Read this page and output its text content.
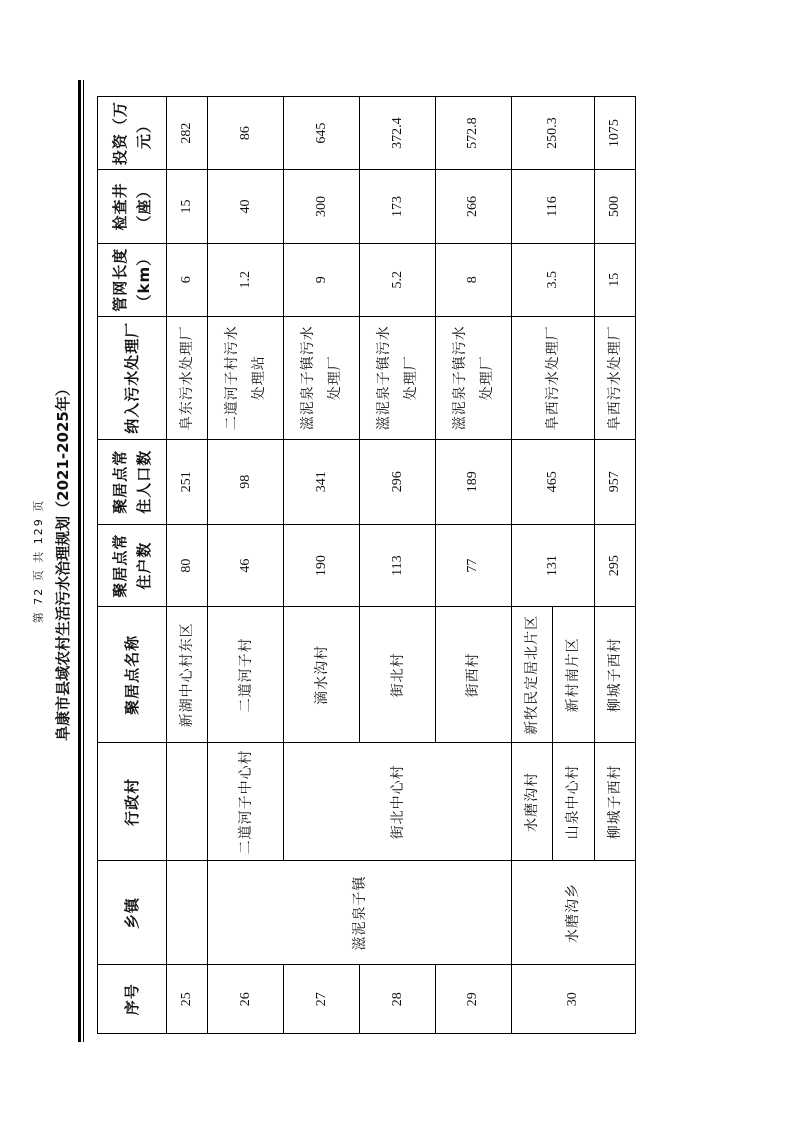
阜康市县域农村生活污水治理规划（2021-2025年）
第 72 页 共 129 页
序号	乡镇	行政村	聚居点名称	聚居点常住户数	聚居点常住人口数	纳入污水处理厂	管网长度（km）	检查井（座）	投资（万元）
25			新湖中心村东区	80	251	阜东污水处理厂	6	15	282
26	滋泥泉子镇	二道河子中心村	二道河子村	46	98	二道河子村污水处理站	1.2	40	86
27		街北中心村	滴水沟村	190	341	滋泥泉子镇污水处理厂	9	300	645
28			街北村	113	296	滋泥泉子镇污水处理厂	5.2	173	372.4
29			街西村	77	189	滋泥泉子镇污水处理厂	8	266	572.8
30	水磨沟乡	水磨沟村	新牧民定居北片区	131	465	阜西污水处理厂	3.5	116	250.3
		山泉中心村	新村南片区						
		柳城子西村	柳城子西村	295	957	阜西污水处理厂	15	500	1075
